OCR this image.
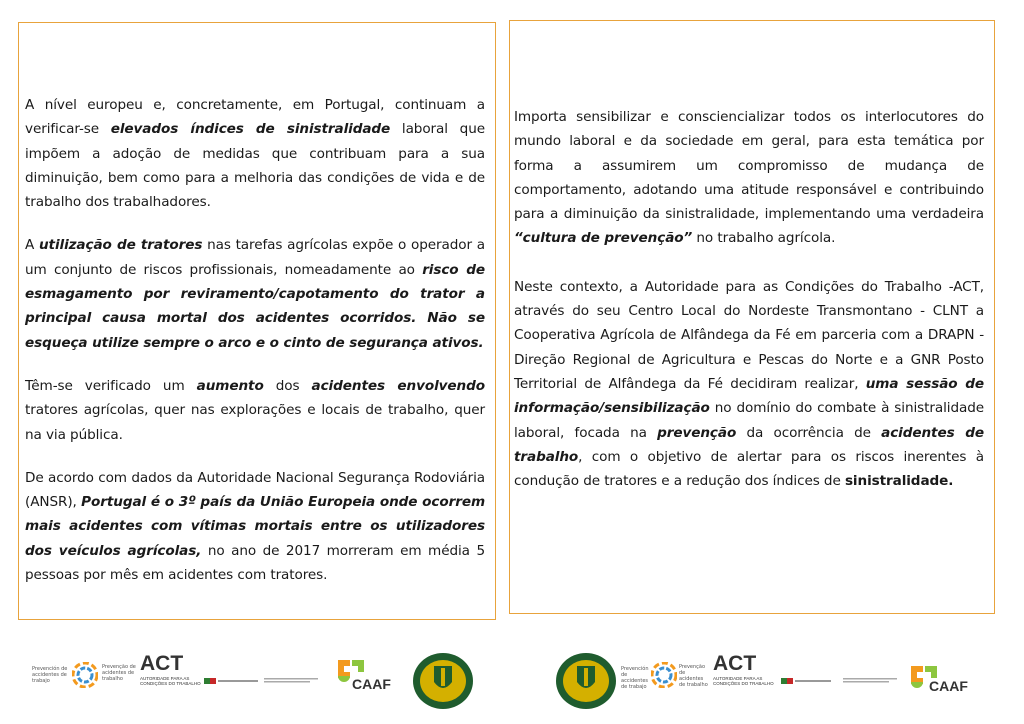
A nível europeu e, concretamente, em Portugal, continuam a verificar-se elevados índices de sinistralidade laboral que impõem a adoção de medidas que contribuam para a sua diminuição, bem como para a melhoria das condições de vida e de trabalho dos trabalhadores.

A utilização de tratores nas tarefas agrícolas expõe o operador a um conjunto de riscos profissionais, nomeadamente ao risco de esmagamento por reviramento/capotamento do trator a principal causa mortal dos acidentes ocorridos. Não se esqueça utilize sempre o arco e o cinto de segurança ativos.

Têm-se verificado um aumento dos acidentes envolvendo tratores agrícolas, quer nas explorações e locais de trabalho, quer na via pública.

De acordo com dados da Autoridade Nacional Segurança Rodoviária (ANSR), Portugal é o 3º país da União Europeia onde ocorrem mais acidentes com vítimas mortais entre os utilizadores dos veículos agrícolas, no ano de 2017 morreram em média 5 pessoas por mês em acidentes com tratores.

Importa sensibilizar e consciencializar todos os interlocutores do mundo laboral e da sociedade em geral, para esta temática por forma a assumirem um compromisso de mudança de comportamento, adotando uma atitude responsável e contribuindo para a diminuição da sinistralidade, implementando uma verdadeira “cultura de prevenção” no trabalho agrícola.

Neste contexto, a Autoridade para as Condições do Trabalho -ACT, através do seu Centro Local do Nordeste Transmontano - CLNT a Cooperativa Agrícola de Alfândega da Fé em parceria com a DRAPN - Direção Regional de Agricultura e Pescas do Norte e a GNR Posto Territorial de Alfândega da Fé decidiram realizar, uma sessão de informação/sensibilização no domínio do combate à sinistralidade laboral, focada na prevenção da ocorrência de acidentes de trabalho, com o objetivo de alertar para os riscos inerentes à condução de tratores e a redução dos índices de sinistralidade.

Prevención de accidentes de trabajo
Prevenção de acidentes de trabalho
ACT
AUTORIDADE PARA AS CONDIÇÕES DO TRABALHO	CAAF
Prevención de accidentes de trabajo
Prevenção de acidentes de trabalho
ACT
AUTORIDADE PARA AS CONDIÇÕES DO TRABALHO	CAAF
